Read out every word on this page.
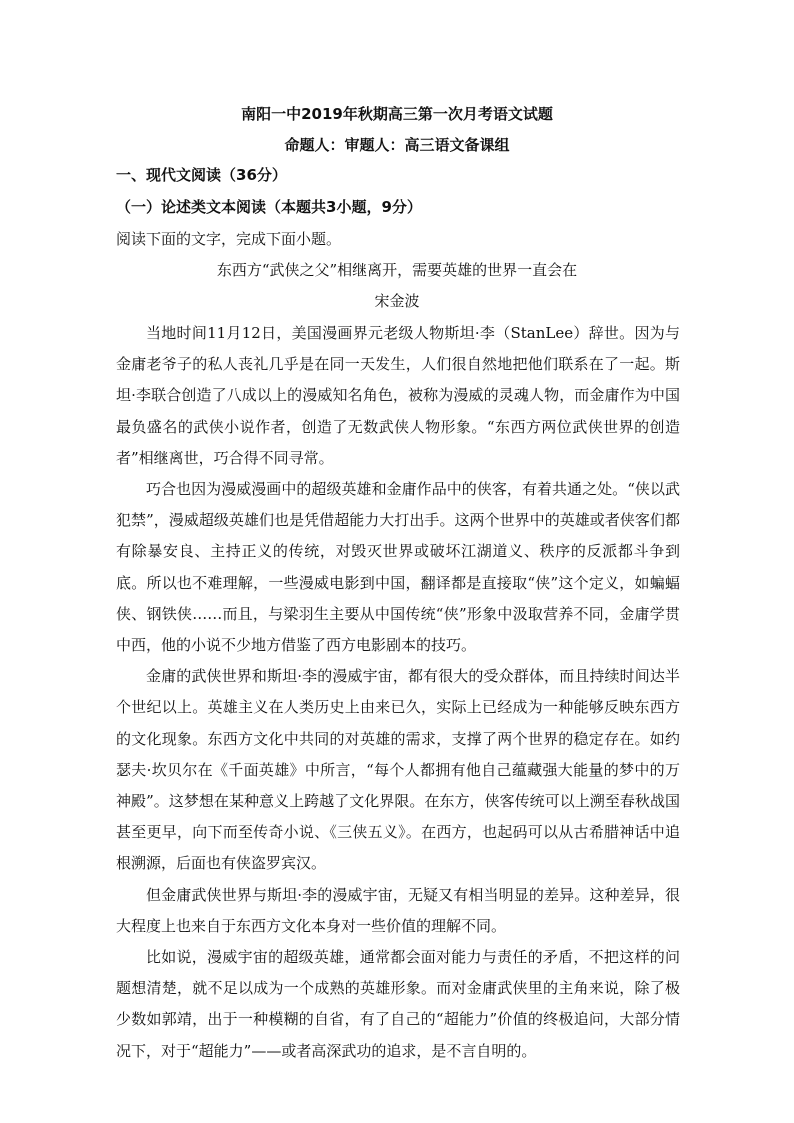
南阳一中2019年秋期高三第一次月考语文试题
命题人：审题人：高三语文备课组
一、现代文阅读（36分）
（一）论述类文本阅读（本题共3小题，9分）
阅读下面的文字，完成下面小题。
东西方“武侠之父”相继离开，需要英雄的世界一直会在
宋金波

当地时间11月12日，美国漫画界元老级人物斯坦·李（StanLee）辞世。因为与金庸老爷子的私人丧礼几乎是在同一天发生，人们很自然地把他们联系在了一起。斯坦·李联合创造了八成以上的漫威知名角色，被称为漫威的灵魂人物，而金庸作为中国最负盛名的武侠小说作者，创造了无数武侠人物形象。“东西方两位武侠世界的创造者”相继离世，巧合得不同寻常。

巧合也因为漫威漫画中的超级英雄和金庸作品中的侠客，有着共通之处。“侠以武犯禁”，漫威超级英雄们也是凭借超能力大打出手。这两个世界中的英雄或者侠客们都有除暴安良、主持正义的传统，对毁灭世界或破坏江湖道义、秩序的反派都斗争到底。所以也不难理解，一些漫威电影到中国，翻译都是直接取“侠”这个定义，如蝙蝠侠、钢铁侠……而且，与梁羽生主要从中国传统“侠”形象中汲取营养不同，金庸学贯中西，他的小说不少地方借鉴了西方电影剧本的技巧。

金庸的武侠世界和斯坦·李的漫威宇宙，都有很大的受众群体，而且持续时间达半个世纪以上。英雄主义在人类历史上由来已久，实际上已经成为一种能够反映东西方的文化现象。东西方文化中共同的对英雄的需求，支撑了两个世界的稳定存在。如约瑟夫·坎贝尔在《千面英雄》中所言，“每个人都拥有他自己蕴藏强大能量的梦中的万神殿”。这梦想在某种意义上跨越了文化界限。在东方，侠客传统可以上溯至春秋战国甚至更早，向下而至传奇小说、《三侠五义》。在西方，也起码可以从古希腊神话中追根溯源，后面也有侠盗罗宾汉。

但金庸武侠世界与斯坦·李的漫威宇宙，无疑又有相当明显的差异。这种差异，很大程度上也来自于东西方文化本身对一些价值的理解不同。

比如说，漫威宇宙的超级英雄，通常都会面对能力与责任的矛盾，不把这样的问题想清楚，就不足以成为一个成熟的英雄形象。而对金庸武侠里的主角来说，除了极少数如郭靖，出于一种模糊的自省，有了自己的“超能力”价值的终极追问，大部分情况下，对于“超能力”——或者高深武功的追求，是不言自明的。
